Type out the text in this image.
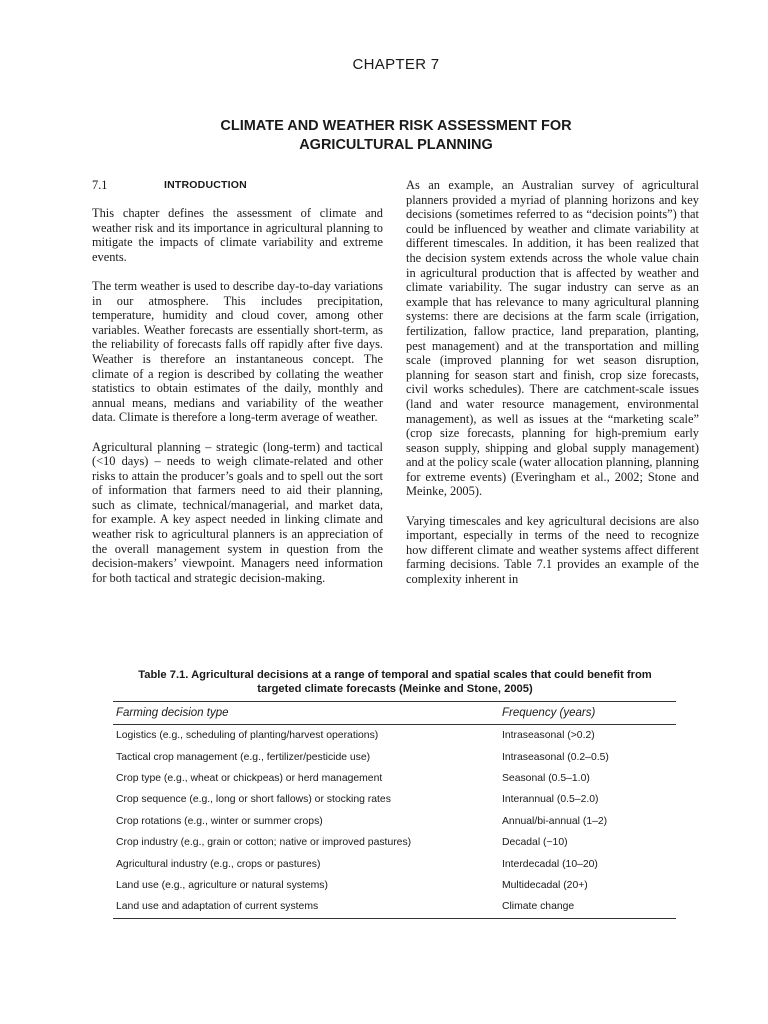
CHAPTER 7
CLIMATE AND WEATHER RISK ASSESSMENT FOR
AGRICULTURAL PLANNING
7.1	INTRODUCTION

This chapter defines the assessment of climate and weather risk and its importance in agricultural planning to mitigate the impacts of climate variability and extreme events.

The term weather is used to describe day-to-day variations in our atmosphere. This includes precipitation, temperature, humidity and cloud cover, among other variables. Weather forecasts are essentially short-term, as the reliability of forecasts falls off rapidly after five days. Weather is therefore an instantaneous concept. The climate of a region is described by collating the weather statistics to obtain estimates of the daily, monthly and annual means, medians and variability of the weather data. Climate is therefore a long-term average of weather.

Agricultural planning – strategic (long-term) and tactical (<10 days) – needs to weigh climate-related and other risks to attain the producer’s goals and to spell out the sort of information that farmers need to aid their planning, such as climate, technical/managerial, and market data, for example. A key aspect needed in linking climate and weather risk to agricultural planners is an appreciation of the overall management system in question from the decision-makers’ viewpoint. Managers need information for both tactical and strategic decision-making.

As an example, an Australian survey of agricultural planners provided a myriad of planning horizons and key decisions (sometimes referred to as “decision points”) that could be influenced by weather and climate variability at different timescales. In addition, it has been realized that the decision system extends across the whole value chain in agricultural production that is affected by weather and climate variability. The sugar industry can serve as an example that has relevance to many agricultural planning systems: there are decisions at the farm scale (irrigation, fertilization, fallow practice, land preparation, planting, pest management) and at the transportation and milling scale (improved planning for wet season disruption, planning for season start and finish, crop size forecasts, civil works schedules). There are catchment-scale issues (land and water resource management, environmental management), as well as issues at the “marketing scale” (crop size forecasts, planning for high-premium early season supply, shipping and global supply management) and at the policy scale (water allocation planning, planning for extreme events) (Everingham et al., 2002; Stone and Meinke, 2005).

Varying timescales and key agricultural decisions are also important, especially in terms of the need to recognize how different climate and weather systems affect different farming decisions. Table 7.1 provides an example of the complexity inherent in

Table 7.1. Agricultural decisions at a range of temporal and spatial scales that could benefit from
targeted climate forecasts (Meinke and Stone, 2005)
Farming decision type	Frequency (years)
Logistics (e.g., scheduling of planting/harvest operations)	Intraseasonal (>0.2)
Tactical crop management (e.g., fertilizer/pesticide use)	Intraseasonal (0.2–0.5)
Crop type (e.g., wheat or chickpeas) or herd management	Seasonal (0.5–1.0)
Crop sequence (e.g., long or short fallows) or stocking rates	Interannual (0.5–2.0)
Crop rotations (e.g., winter or summer crops)	Annual/bi-annual (1–2)
Crop industry (e.g., grain or cotton; native or improved pastures)	Decadal (~10)
Agricultural industry (e.g., crops or pastures)	Interdecadal (10–20)
Land use (e.g., agriculture or natural systems)	Multidecadal (20+)
Land use and adaptation of current systems	Climate change
